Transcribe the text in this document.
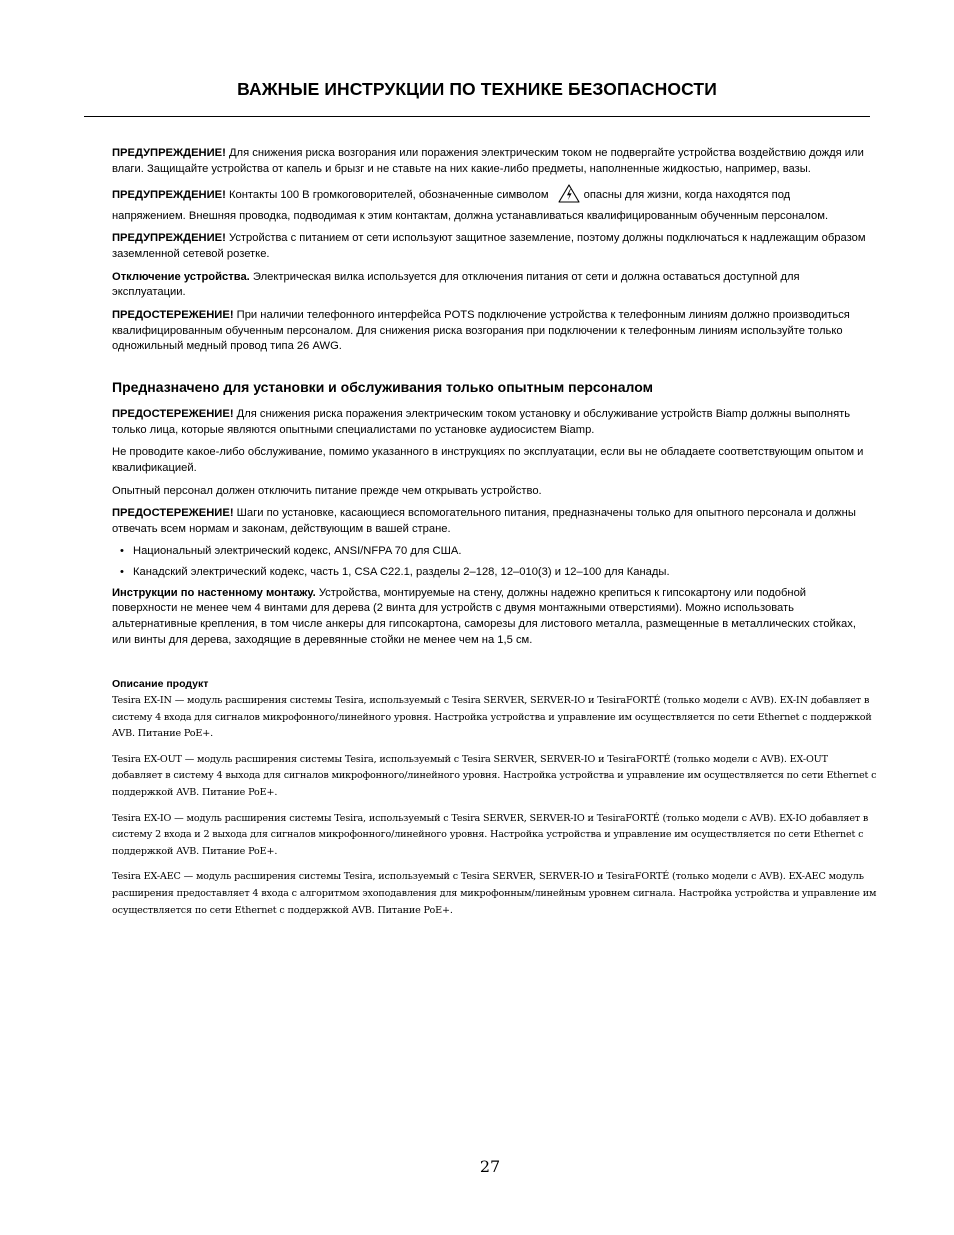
ВАЖНЫЕ ИНСТРУКЦИИ ПО ТЕХНИКЕ БЕЗОПАСНОСТИ

ПРЕДУПРЕЖДЕНИЕ! Для снижения риска возгорания или поражения электрическим током не подвергайте устройства воздействию дождя или влаги. Защищайте устройства от капель и брызг и не ставьте на них какие-либо предметы, наполненные жидкостью, например, вазы.

ПРЕДУПРЕЖДЕНИЕ! Контакты 100 В громкоговорителей, обозначенные символом	опасны для жизни, когда находятся под напряжением. Внешняя проводка, подводимая к этим контактам, должна устанавливаться квалифицированным обученным персоналом.

ПРЕДУПРЕЖДЕНИЕ! Устройства с питанием от сети используют защитное заземление, поэтому должны подключаться к надлежащим образом заземленной сетевой розетке.

Отключение устройства. Электрическая вилка используется для отключения питания от сети и должна оставаться доступной для эксплуатации.

ПРЕДОСТЕРЕЖЕНИЕ! При наличии телефонного интерфейса POTS подключение устройства к телефонным линиям должно производиться квалифицированным обученным персоналом. Для снижения риска возгорания при подключении к телефонным линиям используйте только одножильный медный провод типа 26 AWG.

Предназначено для установки и обслуживания только опытным персоналом

ПРЕДОСТЕРЕЖЕНИЕ! Для снижения риска поражения электрическим током установку и обслуживание устройств Biamp должны выполнять только лица, которые являются опытными специалистами по установке аудиосистем Biamp.

Не проводите какое-либо обслуживание, помимо указанного в инструкциях по эксплуатации, если вы не обладаете соответствующим опытом и квалификацией.

Опытный персонал должен отключить питание прежде чем открывать устройство.

ПРЕДОСТЕРЕЖЕНИЕ! Шаги по установке, касающиеся вспомогательного питания, предназначены только для опытного персонала и должны отвечать всем нормам и законам, действующим в вашей стране.

• Национальный электрический кодекс, ANSI/NFPA 70 для США.
• Канадский электрический кодекс, часть 1, CSA C22.1, разделы 2–128, 12–010(3) и 12–100 для Канады.

Инструкции по настенному монтажу. Устройства, монтируемые на стену, должны надежно крепиться к гипсокартону или подобной поверхности не менее чем 4 винтами для дерева (2 винта для устройств с двумя монтажными отверстиями). Можно использовать альтернативные крепления, в том числе анкеры для гипсокартона, саморезы для листового металла, размещенные в металлических стойках, или винты для дерева, заходящие в деревянные стойки не менее чем на 1,5 см.

Описание продукт

Tesira EX-IN — модуль расширения системы Tesira, используемый с Tesira SERVER, SERVER-IO и TesiraFORTÉ (только модели с AVB). EX-IN добавляет в систему 4 входа для сигналов микрофонного/линейного уровня. Настройка устройства и управление им осуществляется по сети Ethernet с поддержкой AVB. Питание PoE+.

Tesira EX-OUT — модуль расширения системы Tesira, используемый с Tesira SERVER, SERVER-IO и TesiraFORTÉ (только модели с AVB). EX-OUT добавляет в систему 4 выхода для сигналов микрофонного/линейного уровня. Настройка устройства и управление им осуществляется по сети Ethernet с поддержкой AVB. Питание PoE+.

Tesira EX-IO — модуль расширения системы Tesira, используемый с Tesira SERVER, SERVER-IO и TesiraFORTÉ (только модели с AVB). EX-IO добавляет в систему 2 входа и 2 выхода для сигналов микрофонного/линейного уровня. Настройка устройства и управление им осуществляется по сети Ethernet с поддержкой AVB. Питание PoE+.

Tesira EX-AEC — модуль расширения системы Tesira, используемый с Tesira SERVER, SERVER-IO и TesiraFORTÉ (только модели с AVB). EX-AEC модуль расширения предоставляет 4 входа с алгоритмом эхоподавления для микрофонным/линейным уровнем сигнала. Настройка устройства и управление им осуществляется по сети Ethernet с поддержкой AVB. Питание PoE+.

27
